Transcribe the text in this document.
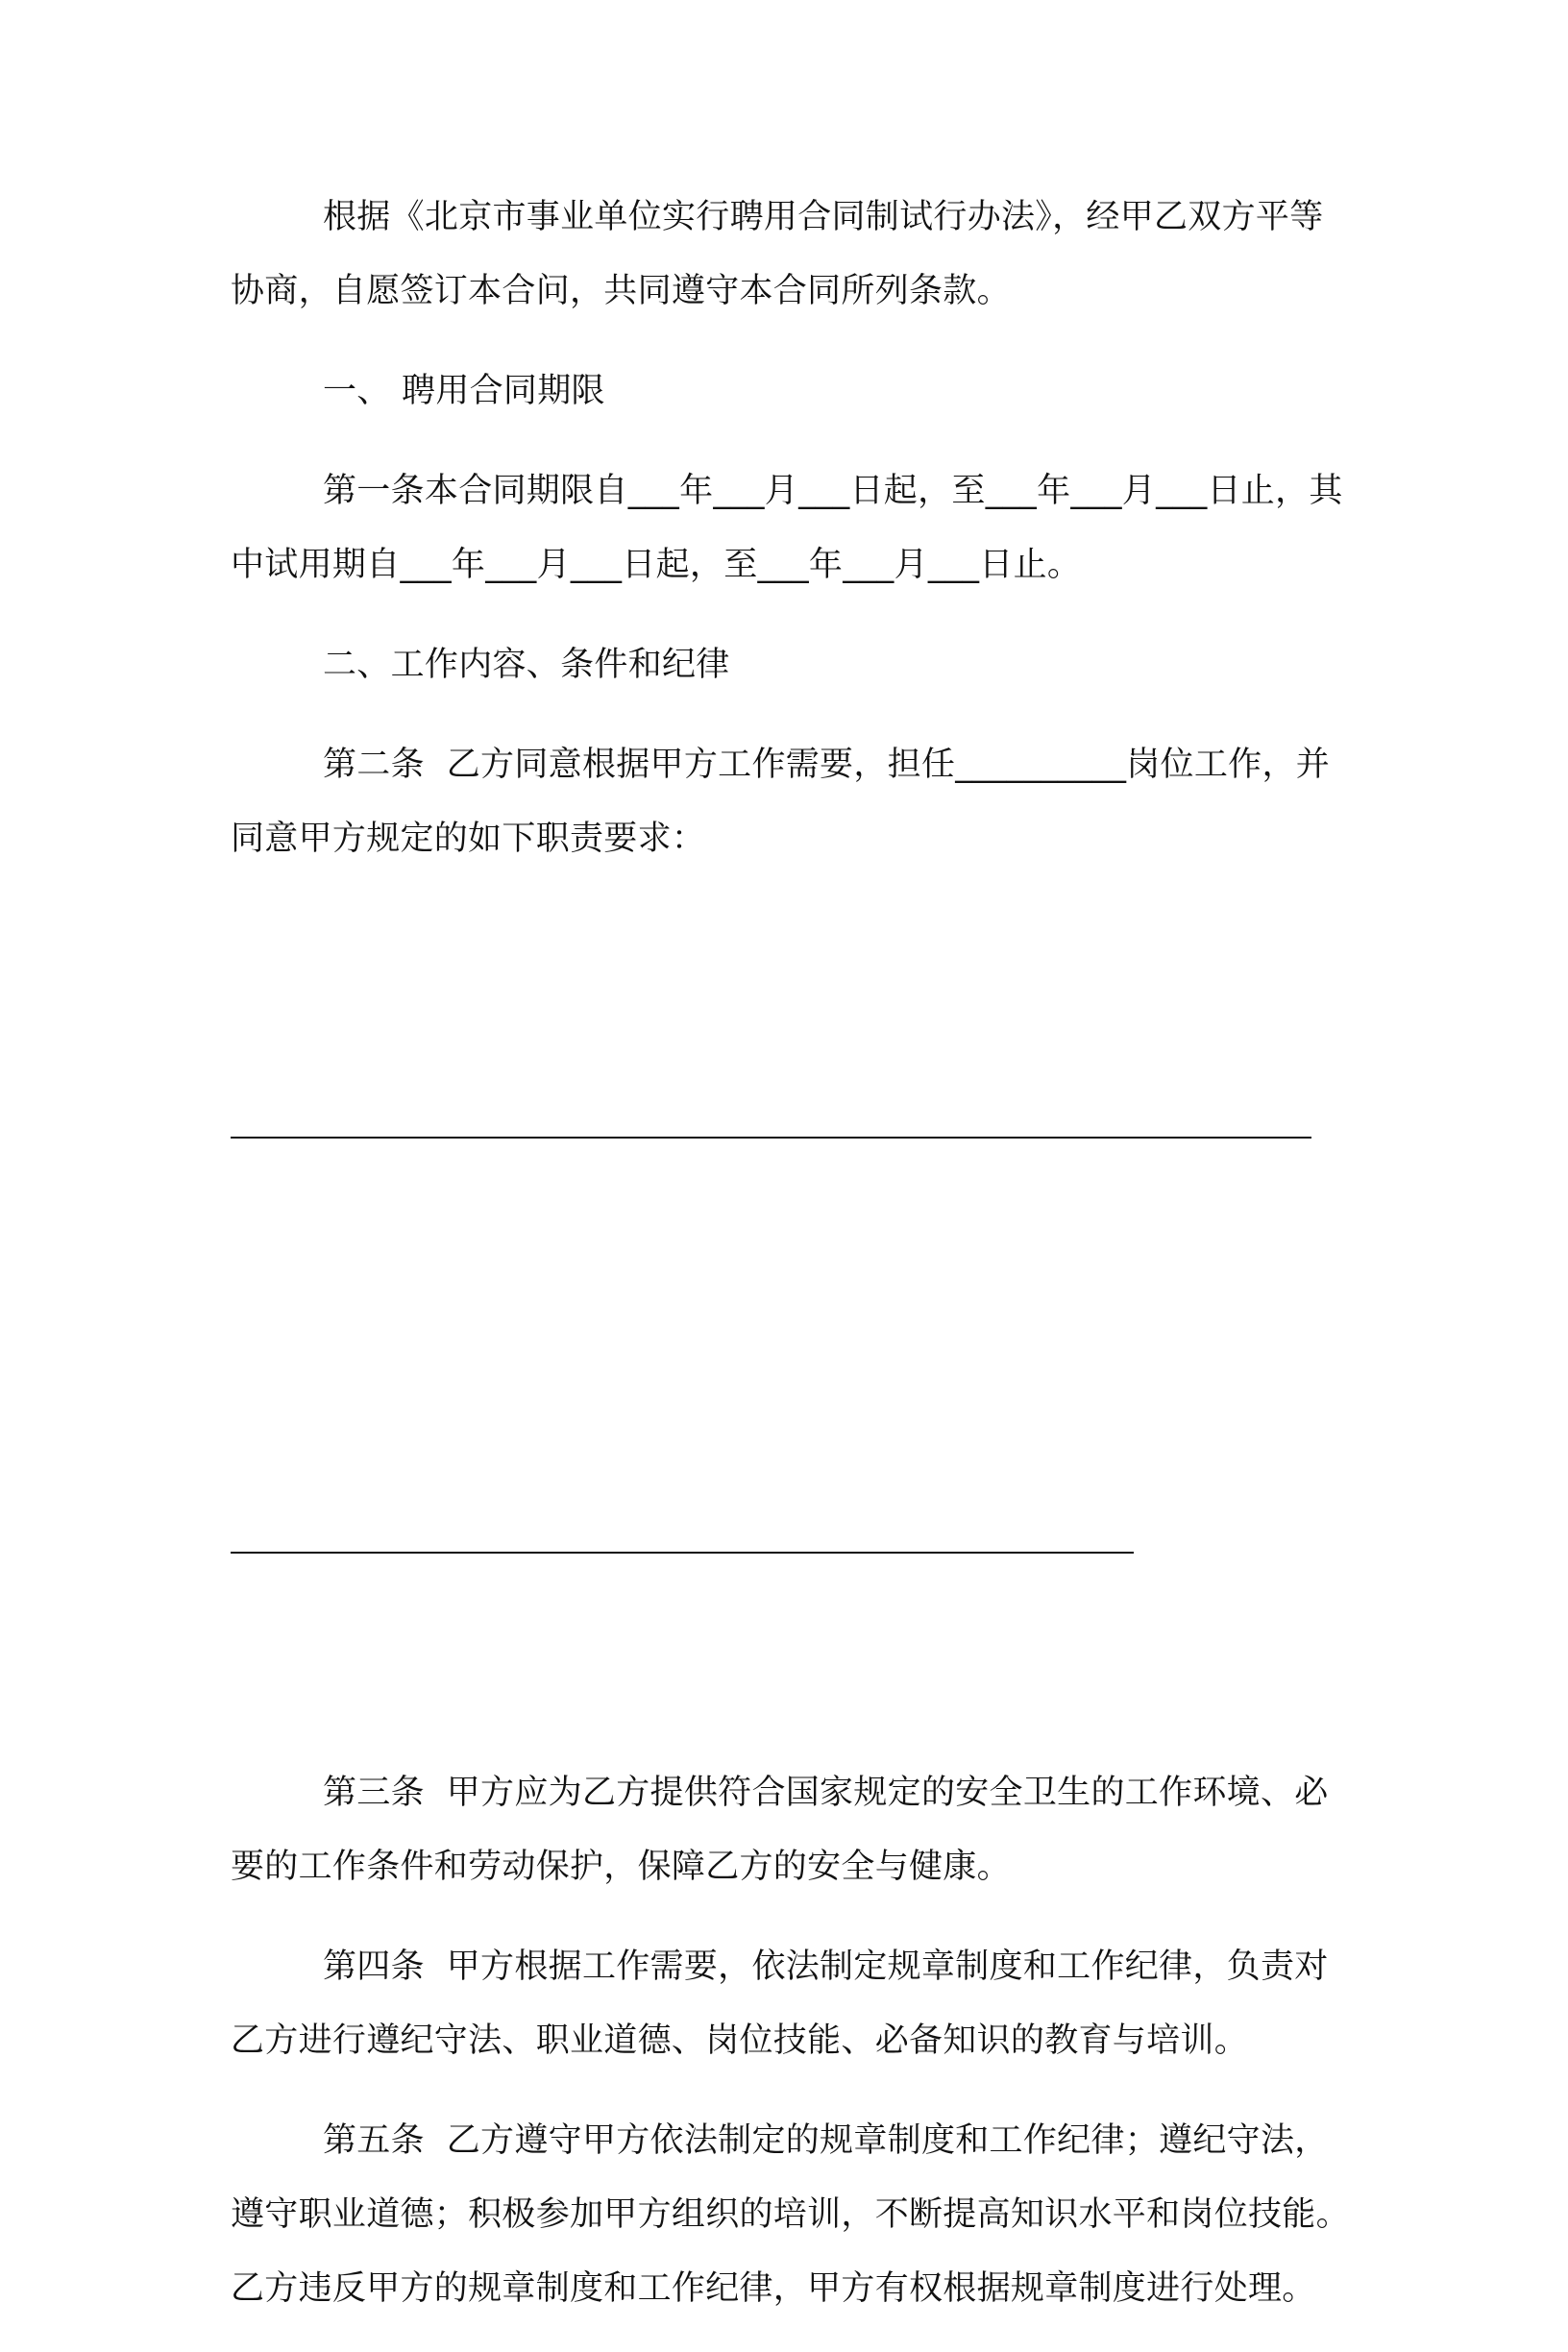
根据《北京市事业单位实行聘用合同制试行办法》，经甲乙双方平等协商，自愿签订本合问，共同遵守本合同所列条款。

一、 聘用合同期限

第一条本合同期限自___年___月___日起，至___年___月___日止，其中试用期自___年___月___日起，至___年___月___日止。

二、工作内容、条件和纪律

第二条  乙方同意根据甲方工作需要，担任__________岗位工作，并同意甲方规定的如下职责要求：

第三条  甲方应为乙方提供符合国家规定的安全卫生的工作环境、必要的工作条件和劳动保护，保障乙方的安全与健康。

第四条  甲方根据工作需要，依法制定规章制度和工作纪律，负责对乙方进行遵纪守法、职业道德、岗位技能、必备知识的教育与培训。

第五条  乙方遵守甲方依法制定的规章制度和工作纪律；遵纪守法，遵守职业道德；积极参加甲方组织的培训，不断提高知识水平和岗位技能。乙方违反甲方的规章制度和工作纪律，甲方有权根据规章制度进行处理。
